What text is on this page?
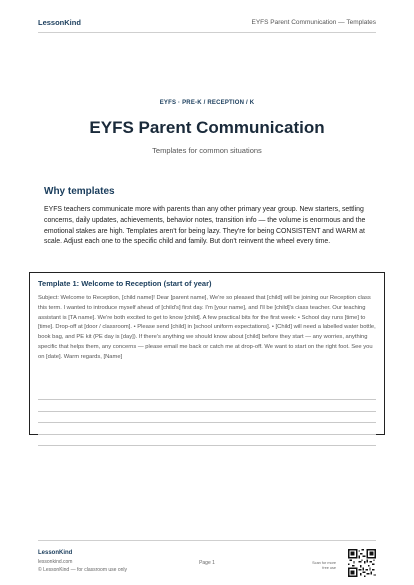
LessonKind	EYFS Parent Communication — Templates
EYFS · PRE-K / RECEPTION / K
EYFS Parent Communication
Templates for common situations
Why templates
EYFS teachers communicate more with parents than any other primary year group. New starters, settling concerns, daily updates, achievements, behavior notes, transition info — the volume is enormous and the emotional stakes are high. Templates aren't for being lazy. They're for being CONSISTENT and WARM at scale. Adjust each one to the specific child and family. But don't reinvent the wheel every time.
Template 1: Welcome to Reception (start of year)
Subject: Welcome to Reception, [child name]! Dear [parent name], We're so pleased that [child] will be joining our Reception class this term. I wanted to introduce myself ahead of [child's] first day. I'm [your name], and I'll be [child]'s class teacher. Our teaching assistant is [TA name]. We're both excited to get to know [child]. A few practical bits for the first week: • School day runs [time] to [time]. Drop-off at [door / classroom]. • Please send [child] in [school uniform expectations]. • [Child] will need a labelled water bottle, book bag, and PE kit (PE day is [day]). If there's anything we should know about [child] before they start — any worries, anything specific that helps them, any concerns — please email me back or catch me at drop-off. We want to start on the right foot. See you on [date]. Warm regards, [Name]
LessonKind
lessonkind.com
© LessonKind — for classroom use only
Page 1	Scan for more free use
